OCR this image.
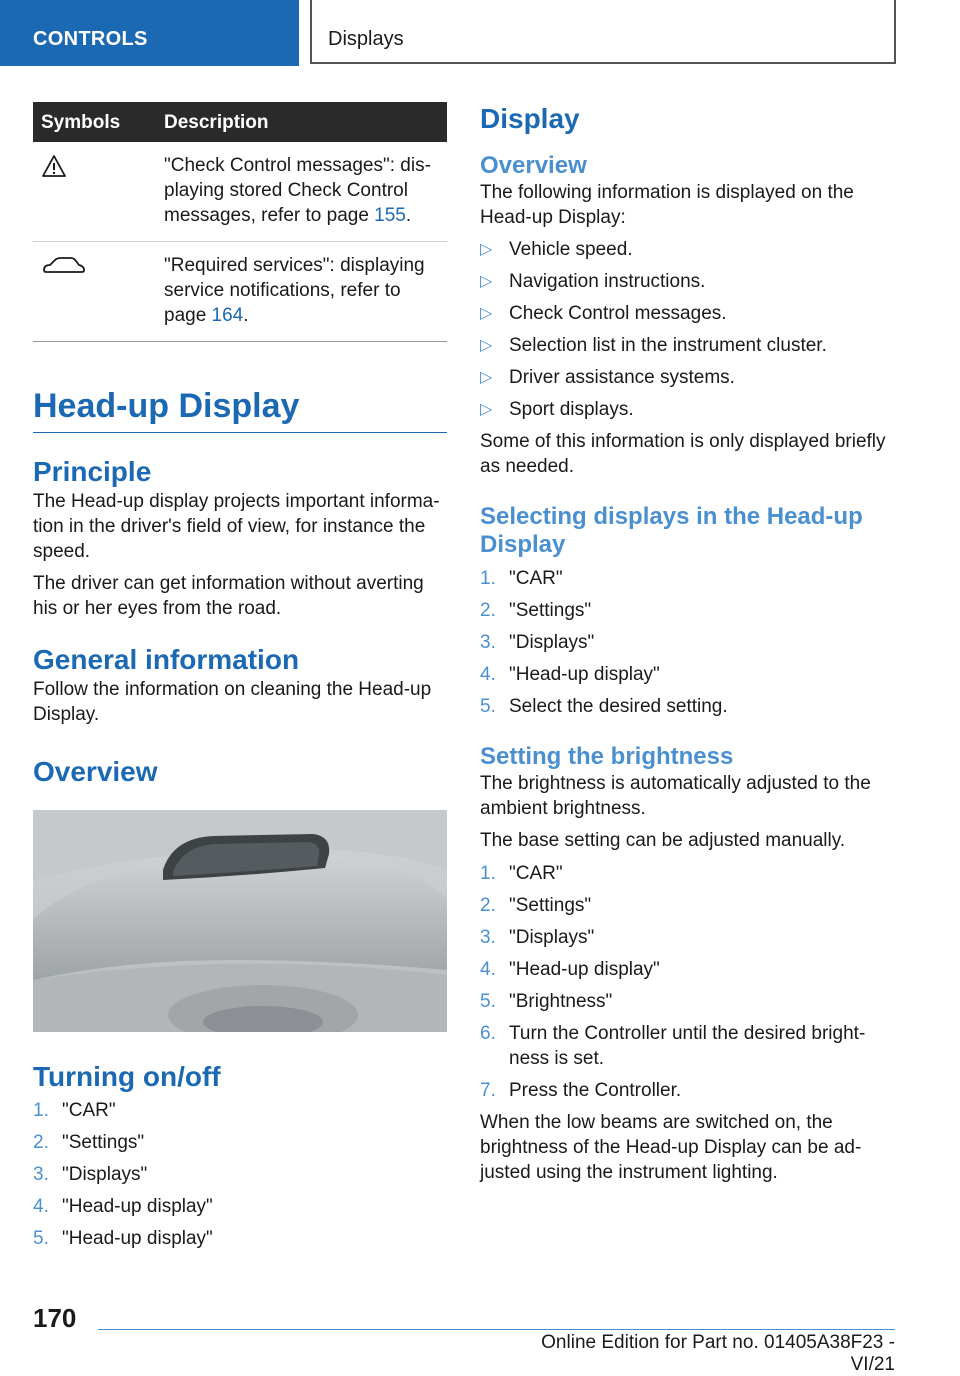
CONTROLS	Displays
Symbols	Description
	"Check Control messages": displaying stored Check Control messages, refer to page 155.
	"Required services": displaying service notifications, refer to page 164.
Head-up Display
Principle

The Head-up display projects important information in the driver's field of view, for instance the speed.

The driver can get information without averting his or her eyes from the road.

General information

Follow the information on cleaning the Head-up Display.

Overview
Turning on/off
1. "CAR"
2. "Settings"
3. "Displays"
4. "Head-up display"
5. "Head-up display"
Display
Overview

The following information is displayed on the Head-up Display:

▷ Vehicle speed.
▷ Navigation instructions.
▷ Check Control messages.
▷ Selection list in the instrument cluster.
▷ Driver assistance systems.
▷ Sport displays.

Some of this information is only displayed briefly as needed.

Selecting displays in the Head-up Display
1. "CAR"
2. "Settings"
3. "Displays"
4. "Head-up display"
5. Select the desired setting.
Setting the brightness

The brightness is automatically adjusted to the ambient brightness.

The base setting can be adjusted manually.

1. "CAR"
2. "Settings"
3. "Displays"
4. "Head-up display"
5. "Brightness"
6. Turn the Controller until the desired brightness is set.
7. Press the Controller.

When the low beams are switched on, the brightness of the Head-up Display can be adjusted using the instrument lighting.

170
Online Edition for Part no. 01405A38F23 - VI/21
